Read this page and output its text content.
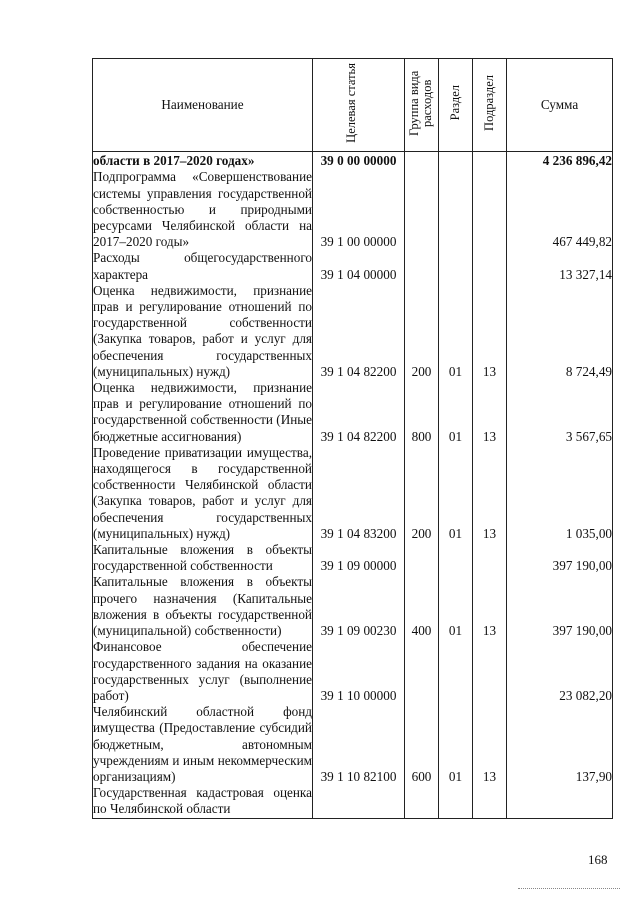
Наименование	Целевая статья	Группа вида расходов	Раздел	Подраздел	Сумма
области в 2017–2020 годах»	39 0 00 00000				4 236 896,42
Подпрограмма «Совершенствование системы управления государственной собственностью и природными ресурсами Челябинской области на 2017–2020 годы»	39 1 00 00000				467 449,82
Расходы общегосударственного характера	39 1 04 00000				13 327,14
Оценка недвижимости, признание прав и регулирование отношений по государственной собственности (Закупка товаров, работ и услуг для обеспечения государственных (муниципальных) нужд)	39 1 04 82200	200	01	13	8 724,49
Оценка недвижимости, признание прав и регулирование отношений по государственной собственности (Иные бюджетные ассигнования)	39 1 04 82200	800	01	13	3 567,65
Проведение приватизации имущества, находящегося в государственной собственности Челябинской области (Закупка товаров, работ и услуг для обеспечения государственных (муниципальных) нужд)	39 1 04 83200	200	01	13	1 035,00
Капитальные вложения в объекты государственной собственности	39 1 09 00000				397 190,00
Капитальные вложения в объекты прочего назначения (Капитальные вложения в объекты государственной (муниципальной) собственности)	39 1 09 00230	400	01	13	397 190,00
Финансовое обеспечение государственного задания на оказание государственных услуг (выполнение работ)	39 1 10 00000				23 082,20
Челябинский областной фонд имущества (Предоставление субсидий бюджетным, автономным учреждениям и иным некоммерческим организациям)	39 1 10 82100	600	01	13	137,90
Государственная кадастровая оценка по Челябинской области					
168
